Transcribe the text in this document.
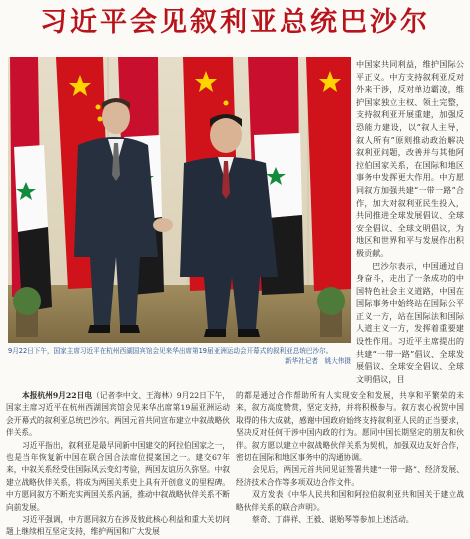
习近平会见叙利亚总统巴沙尔
9月22日下午，国家主席习近平在杭州西湖国宾馆会见来华出席第19届亚洲运动会开幕式的叙利亚总统巴沙尔。
新华社记者　姚大伟摄
中国家共同利益，维护国际公平正义。中方支持叙利亚反对外来干涉，反对单边霸凌，维护国家独立主权、领土完整，支持叙利亚开展重建，加强反恐能力建设，以“叙人主导，叙人所有”原则推动政治解决叙利亚问题，改善并与其他阿拉伯国家关系，在国际和地区事务中发挥更大作用。中方愿同叙方加强共建“一带一路”合作，加大对叙利亚民生投入，共同推进全球发展倡议、全球安全倡议、全球文明倡议，为地区和世界和平与发展作出积极贡献。
巴沙尔表示，中国通过自身奋斗，走出了一条成功的中国特色社会主义道路，中国在国际事务中始终站在国际公平正义一方，站在国际法和国际人道主义一方，发挥着重要建设性作用。习近平主席提出的共建“一带一路”倡议、全球发展倡议、全球安全倡议、全球文明倡议，目
本报杭州9月22日电（记者李中文、王海林）9月22日下午，国家主席习近平在杭州西湖国宾馆会见来华出席第19届亚洲运动会开幕式的叙利亚总统巴沙尔。两国元首共同宣布建立中叙战略伙伴关系。
习近平指出，叙利亚是最早同新中国建交的阿拉伯国家之一，也是当年恢复新中国在联合国合法席位提案国之一。建交67年来，中叙关系经受住国际风云变幻考验，两国友谊历久弥坚。中叙建立战略伙伴关系，将成为两国关系史上具有开创意义的里程碑。中方愿同叙方不断充实两国关系内涵，推动中叙战略伙伴关系不断向前发展。
习近平强调，中方愿同叙方在涉及彼此核心利益和重大关切问题上继续相互坚定支持，维护两国和广大发展
的都是通过合作帮助所有人实现安全和发展，共享和平繁荣的未来，叙方高度赞赏，坚定支持，并将积极参与。叙方衷心祝贺中国取得的伟大成就，感谢中国政府始终支持叙利亚人民的正当要求，坚决反对任何干涉中国内政的行为。愿同中国长期坚定的朋友和伙伴。叙方愿以建立中叙战略伙伴关系为契机，加强双边友好合作，密切在国际和地区事务中的沟通协调。
会见后，两国元首共同见证签署共建“一带一路”、经济发展、经济技术合作等多项双边合作文件。
双方发表《中华人民共和国和阿拉伯叙利亚共和国关于建立战略伙伴关系的联合声明》。
蔡奇、丁薛祥、王毅、谌贻琴等参加上述活动。
